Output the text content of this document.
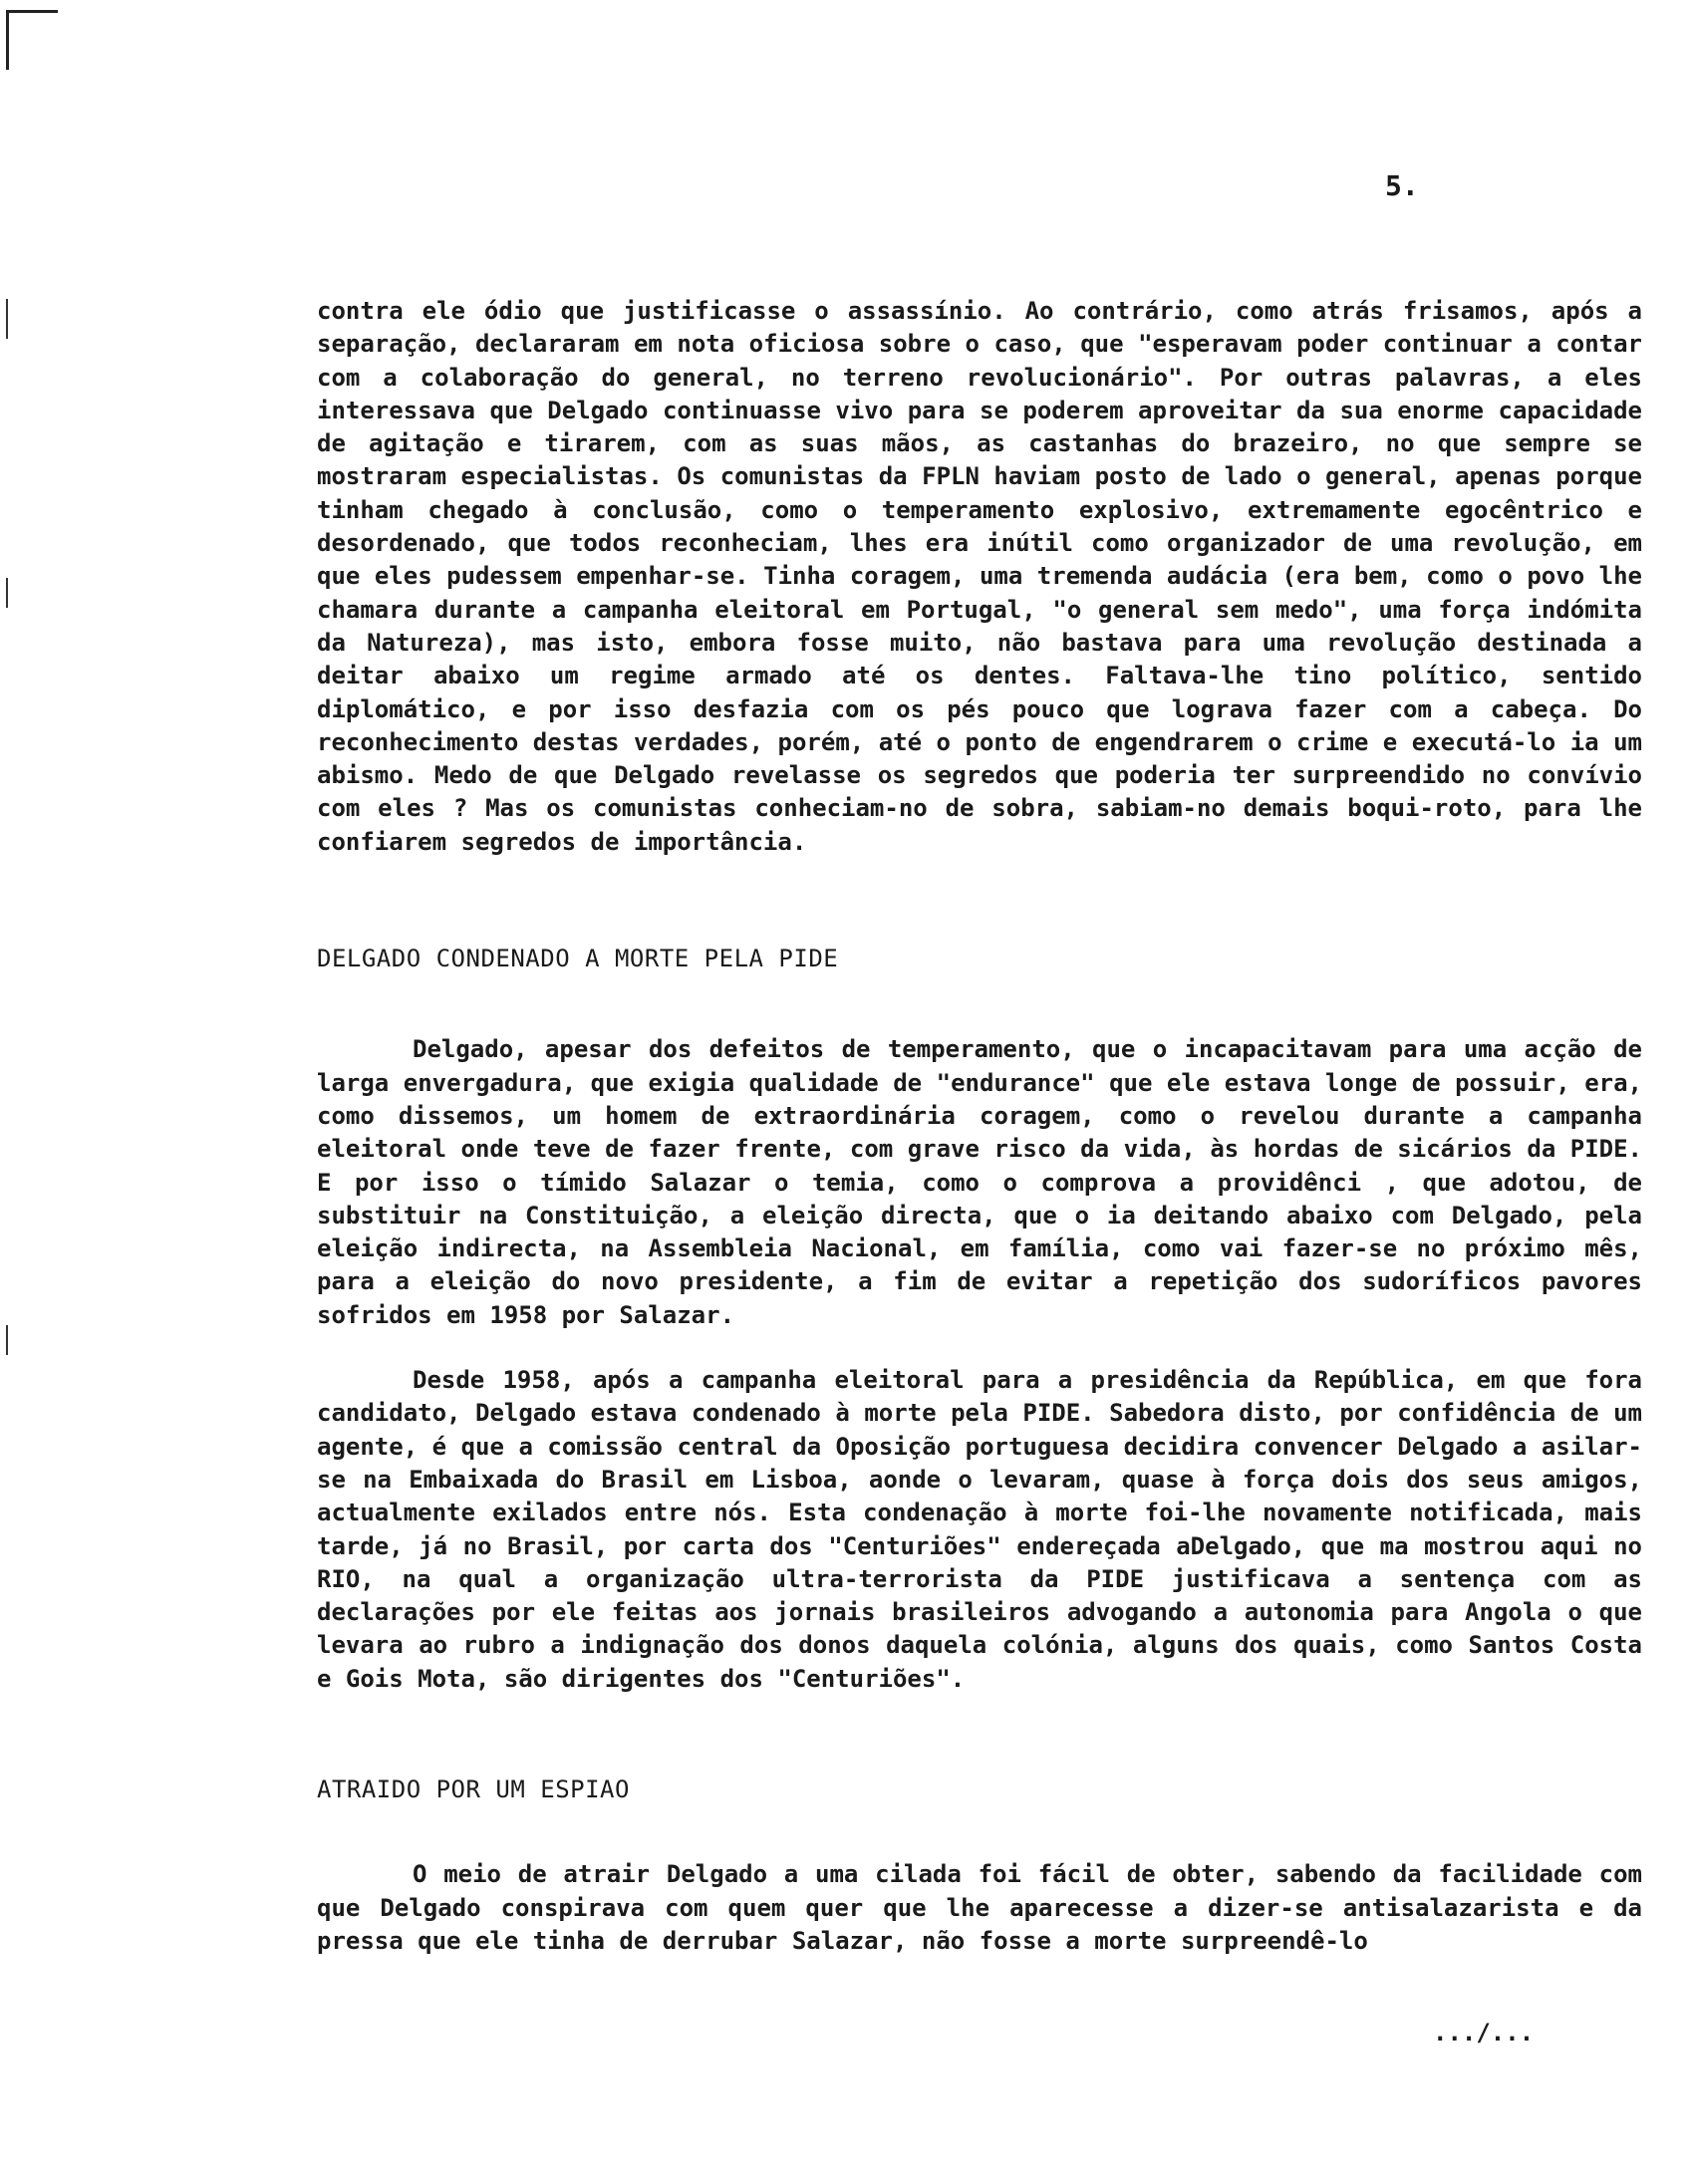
5.

contra ele ódio que justificasse o assassínio. Ao contrário, como atrás frisamos, após a separação, declararam em nota oficiosa sobre o caso, que "esperavam poder continuar a contar com a colaboração do general, no terreno revolucionário". Por outras palavras, a eles interessava que Delgado continuasse vivo para se poderem aproveitar da sua enorme capacidade de agitação e tirarem, com as suas mãos, as castanhas do brazeiro, no que sempre se mostraram especialistas. Os comunistas da FPLN haviam posto de lado o general, apenas porque tinham chegado à conclusão, como o temperamento explosivo, extremamente egocêntrico e desordenado, que todos reconheciam, lhes era inútil como organizador de uma revolução, em que eles pudessem empenhar-se. Tinha coragem, uma tremenda audácia (era bem, como o povo lhe chamara durante a campanha eleitoral em Portugal, "o general sem medo", uma força indómita da Natureza), mas isto, embora fosse muito, não bastava para uma revolução destinada a deitar abaixo um regime armado até os dentes. Faltava-lhe tino político, sentido diplomático, e por isso desfazia com os pés pouco que lograva fazer com a cabeça. Do reconhecimento destas verdades, porém, até o ponto de engendrarem o crime e executá-lo ia um abismo. Medo de que Delgado revelasse os segredos que poderia ter surpreendido no convívio com eles ? Mas os comunistas conheciam-no de sobra, sabiam-no demais boqui-roto, para lhe confiarem segredos de importância.

DELGADO CONDENADO A MORTE PELA PIDE

Delgado, apesar dos defeitos de temperamento, que o incapacitavam para uma acção de larga envergadura, que exigia qualidade de "endurance" que ele estava longe de possuir, era, como dissemos, um homem de extraordinária coragem, como o revelou durante a campanha eleitoral onde teve de fazer frente, com grave risco da vida, às hordas de sicários da PIDE. E por isso o tímido Salazar o temia, como o comprova a providênci , que adotou, de substituir na Constituição, a eleição directa, que o ia deitando abaixo com Delgado, pela eleição indirecta, na Assembleia Nacional, em família, como vai fazer-se no próximo mês, para a eleição do novo presidente, a fim de evitar a repetição dos sudoríficos pavores sofridos em 1958 por Salazar.

Desde 1958, após a campanha eleitoral para a presidência da República, em que fora candidato, Delgado estava condenado à morte pela PIDE. Sabedora disto, por confidência de um agente, é que a comissão central da Oposição portuguesa decidira convencer Delgado a asilar-se na Embaixada do Brasil em Lisboa, aonde o levaram, quase à força dois dos seus amigos, actualmente exilados entre nós. Esta condenação à morte foi-lhe novamente notificada, mais tarde, já no Brasil, por carta dos "Centuriões" endereçada aDelgado, que ma mostrou aqui no RIO, na qual a organização ultra-terrorista da PIDE justificava a sentença com as declarações por ele feitas aos jornais brasileiros advogando a autonomia para Angola o que levara ao rubro a indignação dos donos daquela colónia, alguns dos quais, como Santos Costa e Gois Mota, são dirigentes dos "Centuriões".

ATRAIDO POR UM ESPIAO

O meio de atrair Delgado a uma cilada foi fácil de obter, sabendo da facilidade com que Delgado conspirava com quem quer que lhe aparecesse a dizer-se antisalazarista e da pressa que ele tinha de derrubar Salazar, não fosse a morte surpreendê-lo

.../...
